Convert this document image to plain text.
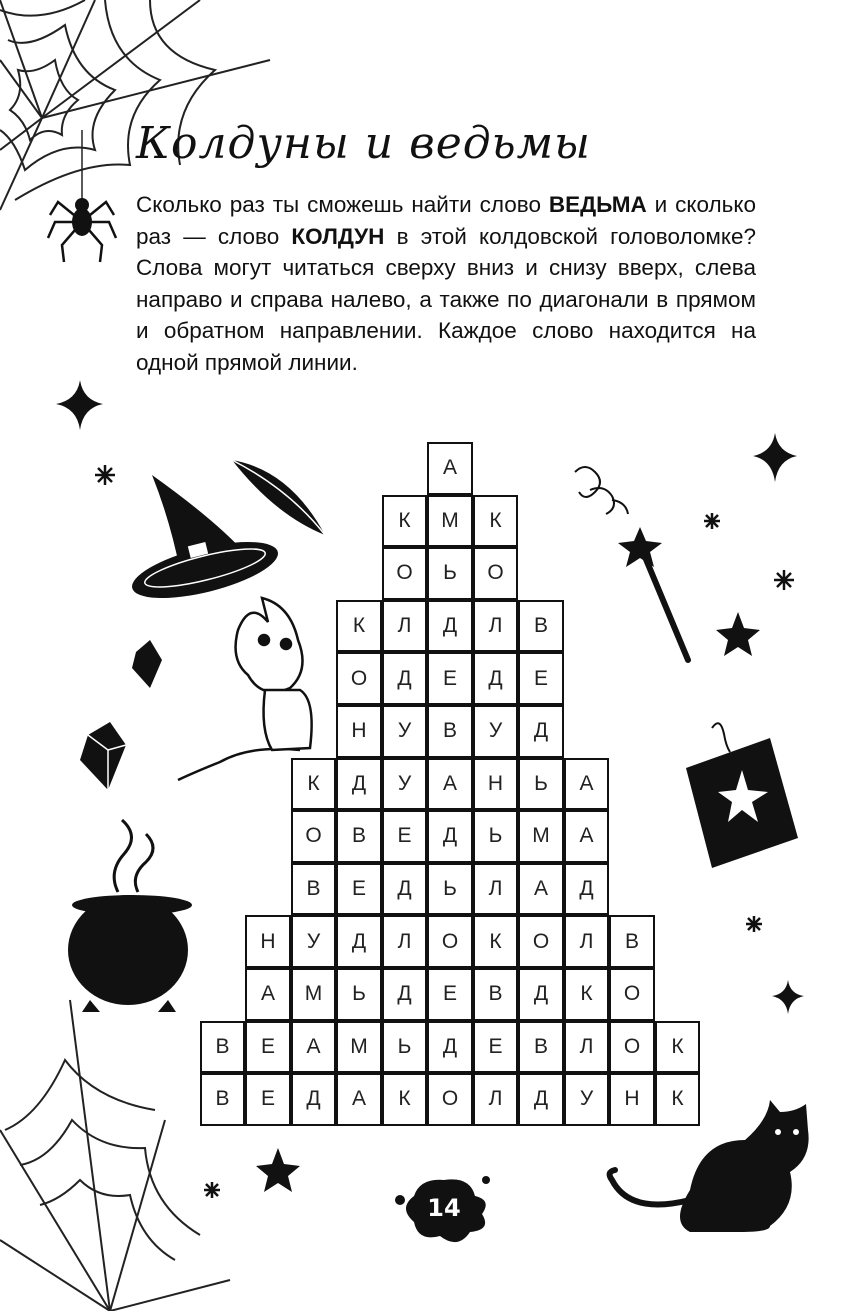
Колдуны и ведьмы

Сколько раз ты сможешь найти слово ВЕДЬМА и сколько раз — слово КОЛДУН в этой колдовской головоломке? Слова могут читаться сверху вниз и снизу вверх, слева направо и справа налево, а также по диагонали в прямом и обратном направлении. Каждое слово находится на одной прямой линии.

А
К	М	К
О	Ь	О
К	Л	Д	Л	В
О	Д	Е	Д	Е
Н	У	В	У	Д
К	Д	У	А	Н	Ь	А
О	В	Е	Д	Ь	М	А
В	Е	Д	Ь	Л	А	Д
Н	У	Д	Л	О	К	О	Л	В
А	М	Ь	Д	Е	В	Д	К	О
В	Е	А	М	Ь	Д	Е	В	Л	О	К
В	Е	Д	А	К	О	Л	Д	У	Н	К
14
